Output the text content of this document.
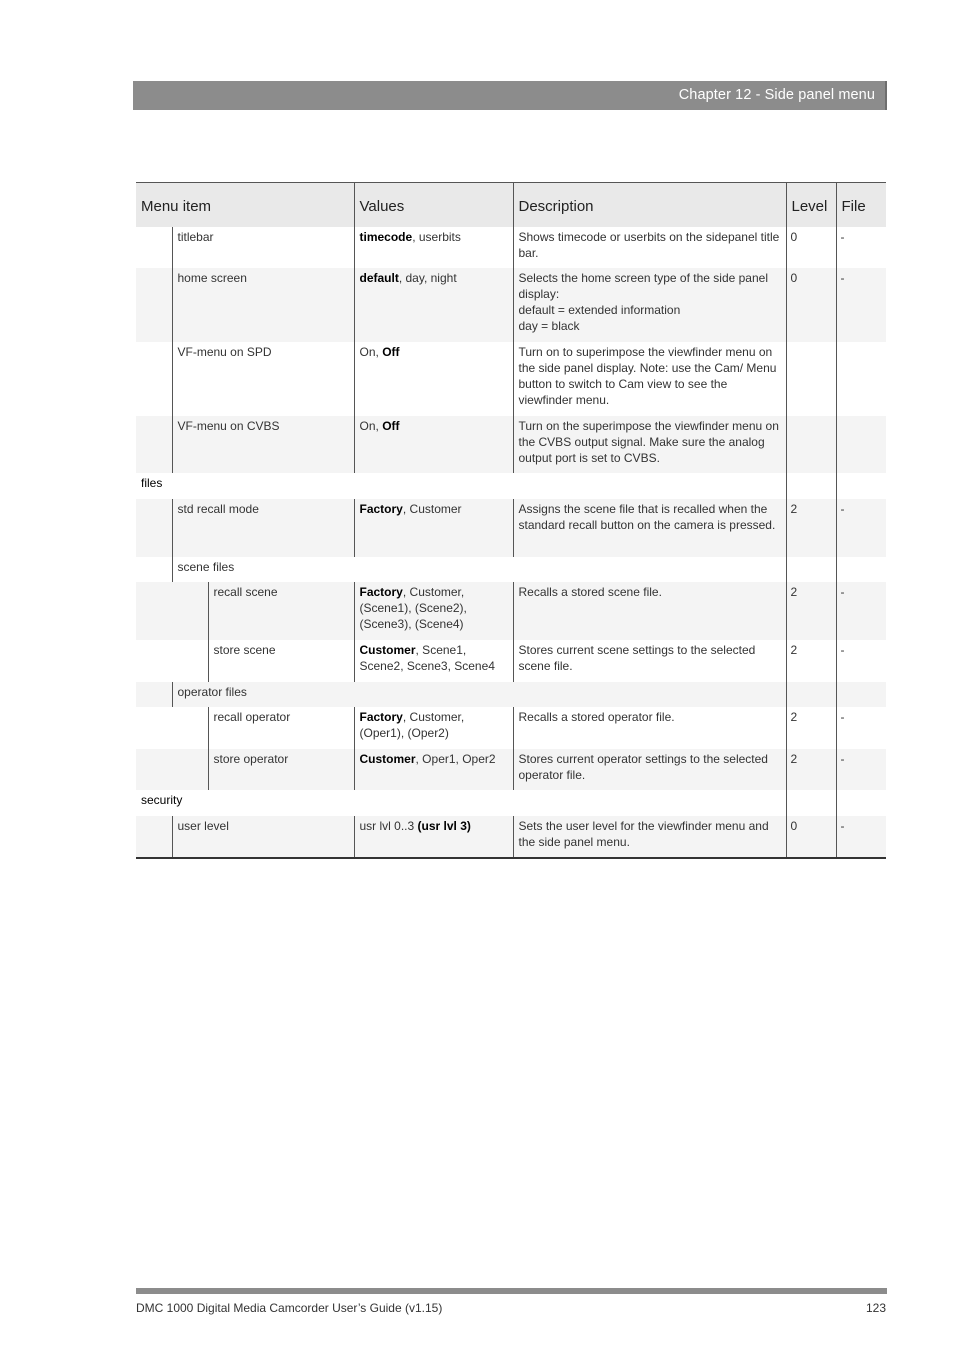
Chapter 12 - Side panel menu
Menu item			Values	Description	Level	File
	titlebar		timecode, userbits	Shows timecode or userbits on the sidepanel title bar.	0	-
	home screen		default, day, night	Selects the home screen type of the side panel display:
default = extended information
day = black	0	-
	VF-menu on SPD		On, Off	Turn on to superimpose the viewfinder menu on the side panel display. Note: use the Cam/ Menu button to switch to Cam view to see the viewfinder menu.		
	VF-menu on CVBS		On, Off	Turn on the superimpose the viewfinder menu on the CVBS output signal. Make sure the analog output port is set to CVBS.		
files						
	std recall mode		Factory, Customer	Assigns the scene file that is recalled when the standard recall button on the camera is pressed.	2	-
	scene files					
		recall scene	Factory, Customer, (Scene1), (Scene2), (Scene3), (Scene4)	Recalls a stored scene file.	2	-
		store scene	Customer, Scene1, Scene2, Scene3, Scene4	Stores current scene settings to the selected scene file.	2	-
	operator files					
		recall operator	Factory, Customer, (Oper1), (Oper2)	Recalls a stored operator file.	2	-
		store operator	Customer, Oper1, Oper2	Stores current operator settings to the selected operator file.	2	-
security						
	user level		usr lvl 0..3 (usr lvl 3)	Sets the user level for the viewfinder menu and the side panel menu.	0	-
DMC 1000 Digital Media Camcorder User’s Guide (v1.15)	123
